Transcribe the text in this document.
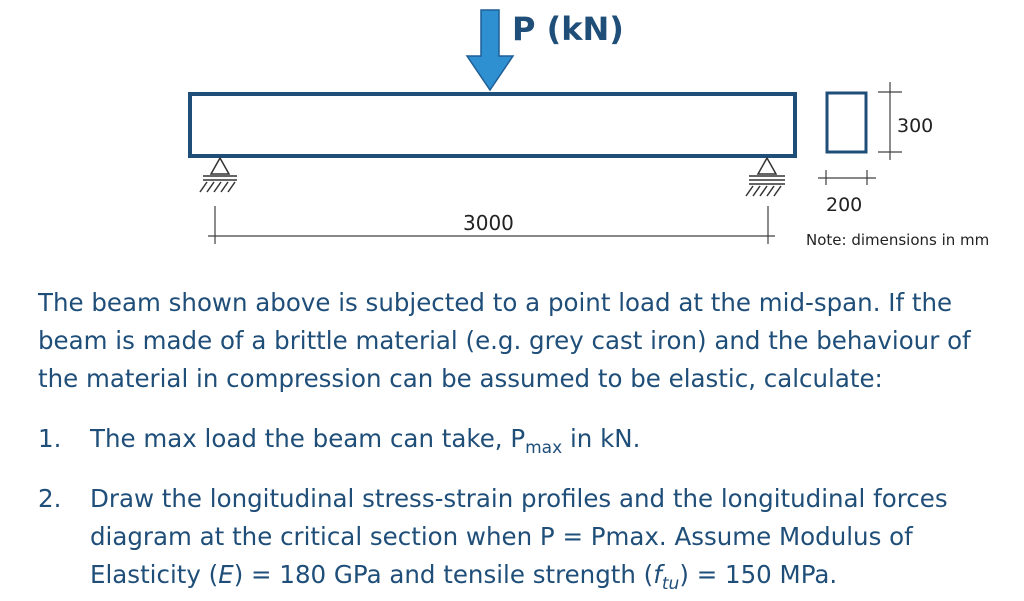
P (kN)
3000
300
200
Note: dimensions in mm

The beam shown above is subjected to a point load at the mid-span. If the beam is made of a brittle material (e.g. grey cast iron) and the behaviour of the material in compression can be assumed to be elastic, calculate:

1. The max load the beam can take, $P_{max}$ in kN.
2. Draw the longitudinal stress-strain profiles and the longitudinal forces diagram at the critical section when P = Pmax. Assume Modulus of Elasticity (E) = 180 GPa and tensile strength $(f_{tu}) = 150$ MPa.
